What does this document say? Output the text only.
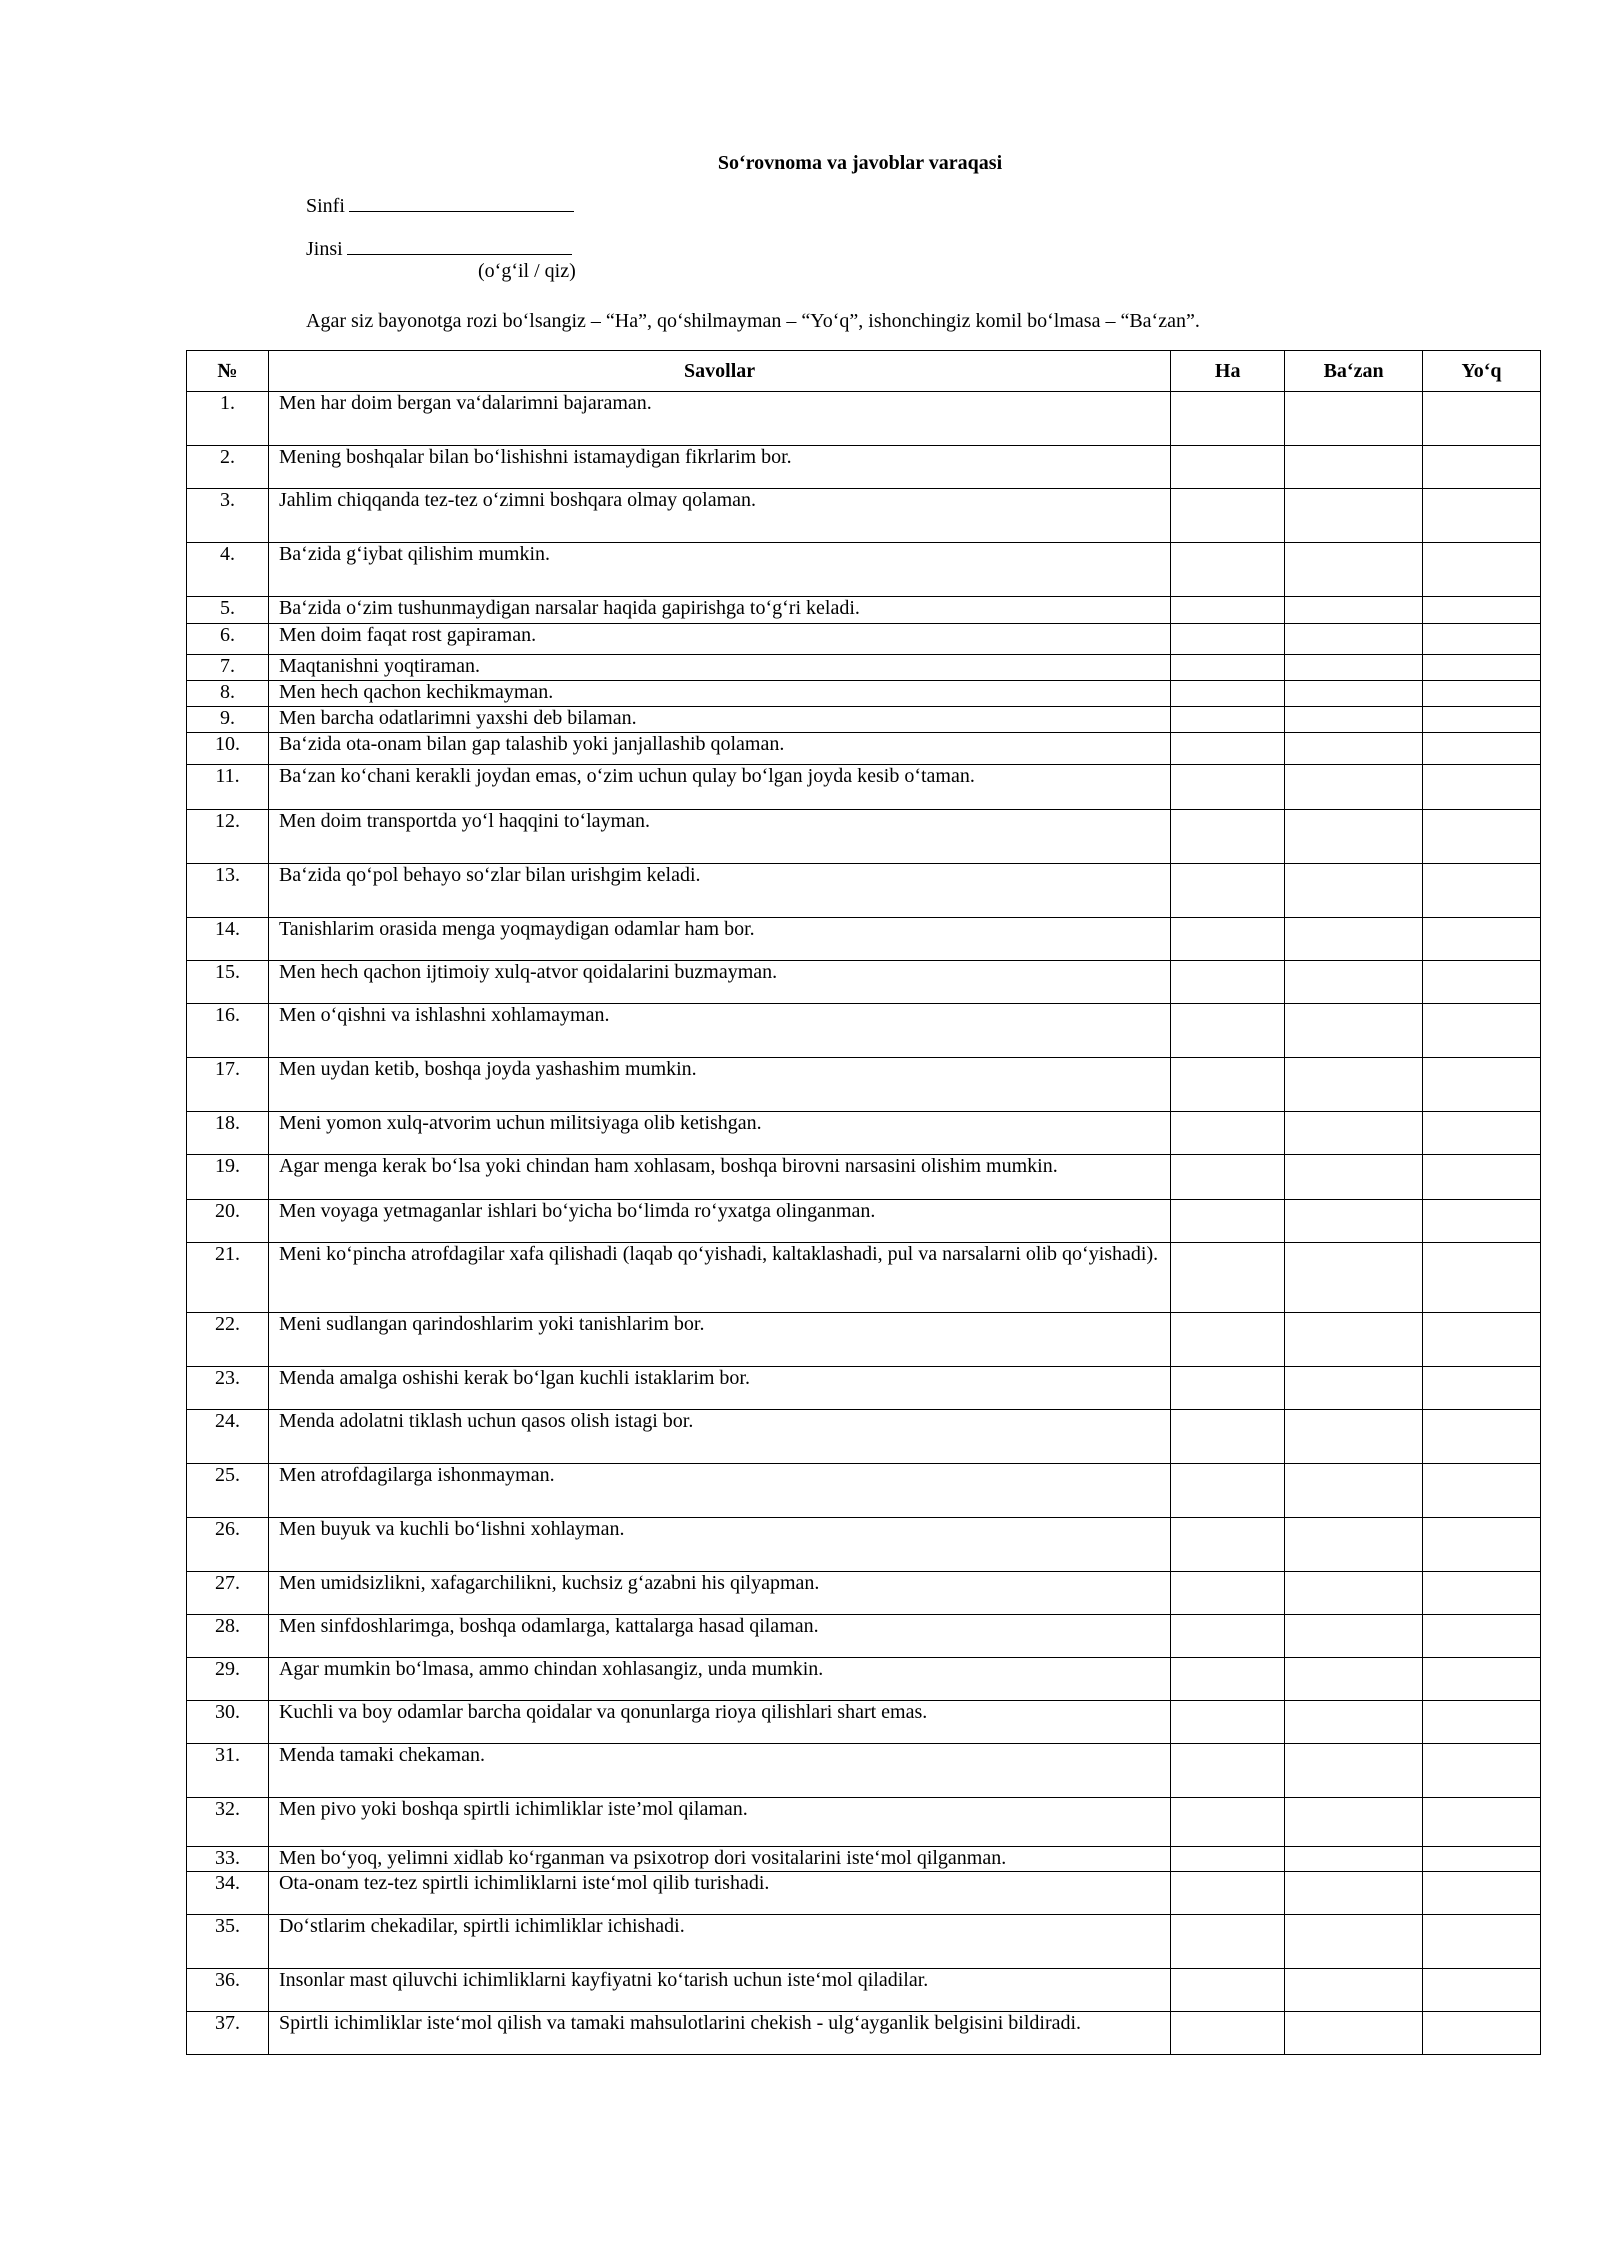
So‘rovnoma va javoblar varaqasi
Sinfi
Jinsi
(o‘g‘il / qiz)
Agar siz bayonotga rozi bo‘lsangiz – “Ha”, qo‘shilmayman – “Yo‘q”, ishonchingiz komil bo‘lmasa – “Ba‘zan”.
№	Savollar	Ha	Ba‘zan	Yo‘q
1.	Men har doim bergan va‘dalarimni bajaraman.			
2.	Mening boshqalar bilan bo‘lishishni istamaydigan fikrlarim bor.			
3.	Jahlim chiqqanda tez-tez o‘zimni boshqara olmay qolaman.			
4.	Ba‘zida g‘iybat qilishim mumkin.			
5.	Ba‘zida o‘zim tushunmaydigan narsalar haqida gapirishga to‘g‘ri keladi.			
6.	Men doim faqat rost gapiraman.			
7.	Maqtanishni yoqtiraman.			
8.	Men hech qachon kechikmayman.			
9.	Men barcha odatlarimni yaxshi deb bilaman.			
10.	Ba‘zida ota-onam bilan gap talashib yoki janjallashib qolaman.			
11.	Ba‘zan ko‘chani kerakli joydan emas, o‘zim uchun qulay bo‘lgan joyda kesib o‘taman.			
12.	Men doim transportda yo‘l haqqini to‘layman.			
13.	Ba‘zida qo‘pol behayo so‘zlar bilan urishgim keladi.			
14.	Tanishlarim orasida menga yoqmaydigan odamlar ham bor.			
15.	Men hech qachon ijtimoiy xulq-atvor qoidalarini buzmayman.			
16.	Men o‘qishni va ishlashni xohlamayman.			
17.	Men uydan ketib, boshqa joyda yashashim mumkin.			
18.	Meni yomon xulq-atvorim uchun militsiyaga olib ketishgan.			
19.	Agar menga kerak bo‘lsa yoki chindan ham xohlasam, boshqa birovni narsasini olishim mumkin.			
20.	Men voyaga yetmaganlar ishlari bo‘yicha bo‘limda ro‘yxatga olinganman.			
21.	Meni ko‘pincha atrofdagilar xafa qilishadi (laqab qo‘yishadi, kaltaklashadi, pul va narsalarni olib qo‘yishadi).			
22.	Meni sudlangan qarindoshlarim yoki tanishlarim bor.			
23.	Menda amalga oshishi kerak bo‘lgan kuchli istaklarim bor.			
24.	Menda adolatni tiklash uchun qasos olish istagi bor.			
25.	Men atrofdagilarga ishonmayman.			
26.	Men buyuk va kuchli bo‘lishni xohlayman.			
27.	Men umidsizlikni, xafagarchilikni, kuchsiz g‘azabni his qilyapman.			
28.	Men sinfdoshlarimga, boshqa odamlarga, kattalarga hasad qilaman.			
29.	Agar mumkin bo‘lmasa, ammo chindan xohlasangiz, unda mumkin.			
30.	Kuchli va boy odamlar barcha qoidalar va qonunlarga rioya qilishlari shart emas.			
31.	Menda tamaki chekaman.			
32.	Men pivo yoki boshqa spirtli ichimliklar iste’mol qilaman.			
33.	Men bo‘yoq, yelimni xidlab ko‘rganman va psixotrop dori vositalarini iste‘mol qilganman.			
34.	Ota-onam tez-tez spirtli ichimliklarni iste‘mol qilib turishadi.			
35.	Do‘stlarim chekadilar, spirtli ichimliklar ichishadi.			
36.	Insonlar mast qiluvchi ichimliklarni kayfiyatni ko‘tarish uchun iste‘mol qiladilar.			
37.	Spirtli ichimliklar iste‘mol qilish va tamaki mahsulotlarini chekish - ulg‘ayganlik belgisini bildiradi.			
